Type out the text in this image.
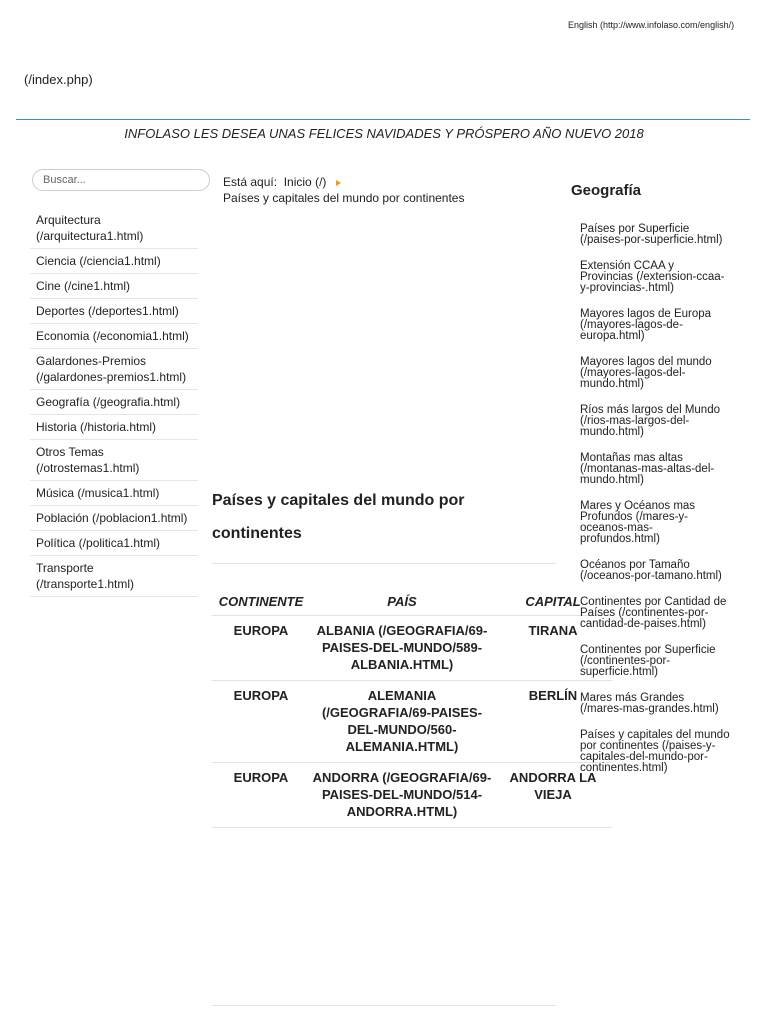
English (http://www.infolaso.com/english/)
(/index.php)
INFOLASO LES DESEA UNAS FELICES NAVIDADES Y PRÓSPERO AÑO NUEVO 2018
Buscar...
Arquitectura (/arquitectura1.html)
Ciencia (/ciencia1.html)
Cine (/cine1.html)
Deportes (/deportes1.html)
Economia (/economia1.html)
Galardones-Premios (/galardones-premios1.html)
Geografía (/geografia.html)
Historia (/historia.html)
Otros Temas (/otrostemas1.html)
Música (/musica1.html)
Población (/poblacion1.html)
Política (/politica1.html)
Transporte (/transporte1.html)
Está aquí: Inicio (/)
Países y capitales del mundo por continentes
Países y capitales del mundo por continentes
CONTINENTE	PAÍS	CAPITAL
EUROPA	ALBANIA (/GEOGRAFIA/69-PAISES-DEL-MUNDO/589-ALBANIA.HTML)	TIRANA
EUROPA	ALEMANIA (/GEOGRAFIA/69-PAISES-DEL-MUNDO/560-ALEMANIA.HTML)	BERLÍN
EUROPA	ANDORRA (/GEOGRAFIA/69-PAISES-DEL-MUNDO/514-ANDORRA.HTML)	ANDORRA LA VIEJA
Geografía
Países por Superficie (/paises-por-superficie.html)
Extensión CCAA y Provincias (/extension-ccaa-y-provincias-.html)
Mayores lagos de Europa (/mayores-lagos-de-europa.html)
Mayores lagos del mundo (/mayores-lagos-del-mundo.html)
Ríos más largos del Mundo (/rios-mas-largos-del-mundo.html)
Montañas mas altas (/montanas-mas-altas-del-mundo.html)
Mares y Océanos mas Profundos (/mares-y-oceanos-mas-profundos.html)
Océanos por Tamaño (/oceanos-por-tamano.html)
Continentes por Cantidad de Países (/continentes-por-cantidad-de-paises.html)
Continentes por Superficie (/continentes-por-superficie.html)
Mares más Grandes (/mares-mas-grandes.html)
Países y capitales del mundo por continentes (/paises-y-capitales-del-mundo-por-continentes.html)
